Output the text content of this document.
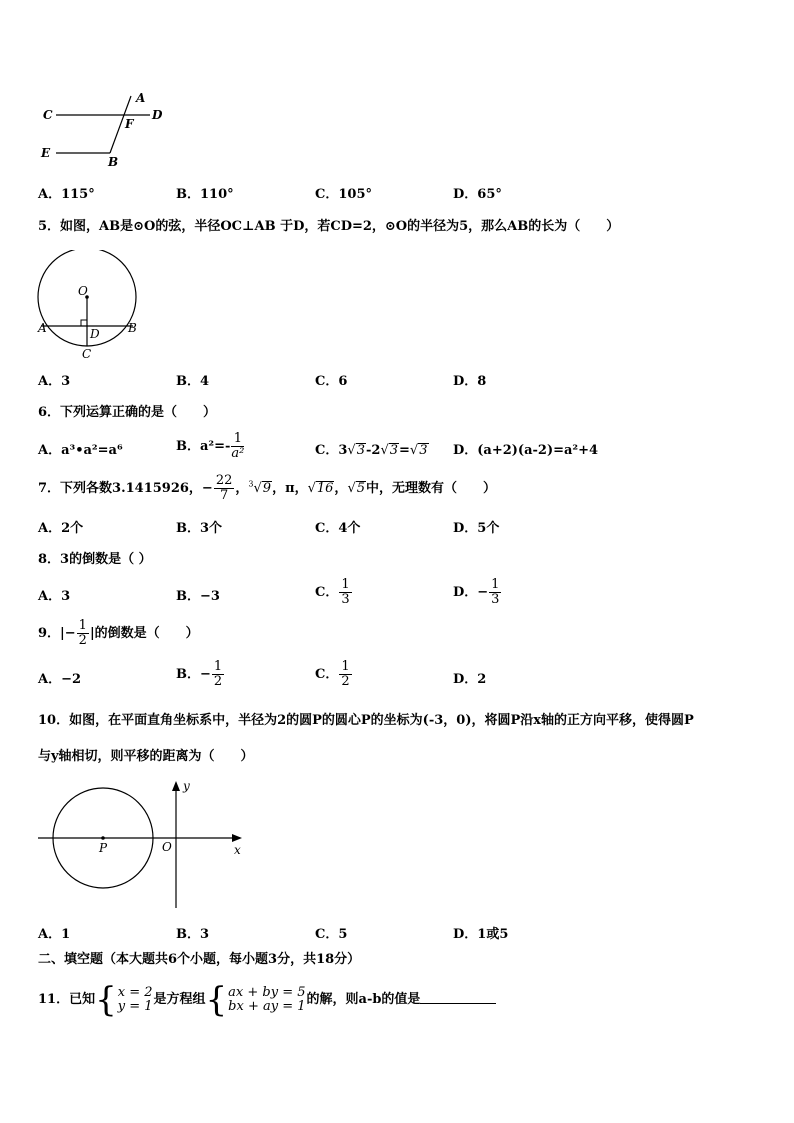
A
C	D
F
E
B
A．115°	B．110°	C．105°	D．65°
5．如图，AB是⊙O的弦，半径OC⊥AB 于D，若CD=2，⊙O的半径为5，那么AB的长为（　　）
O
A	D B
C
A．3	B．4	C．6	D．8
6．下列运算正确的是（　　）
A．a³•a²=a⁶	B．$a^2=- \frac{1}{\text{a²}}$	C．3√3-2√3=√3 D．(a+2)(a-2)=a²+4
7．下列各数3.1415926，− $\frac{22}{7}$ ，$^3$√9，π，√16，√5中，无理数有（　　）
A．2个	B．3个	C．4个	D．5个
8．3的倒数是（ ）
A．3	B．−3	C． $\frac{1}{3}$	D．− $\frac{1}{3}$
9．|− $\frac{1}{2}$ |的倒数是（　　）
A．−2	B．− $\frac{1}{2}$	C． $\frac{1}{2}$	D．2
10．如图，在平面直角坐标系中，半径为2的圆P的圆心P的坐标为(-3，0)，将圆P沿x轴的正方向平移，使得圆P
与y轴相切，则平移的距离为（　　）
y
P	O	x
A．1	B．3	C．5	D．1或5
二、填空题（本大题共6个小题，每小题3分，共18分）
11．已知{ x = 2
y = 1 是方程组{ ax + by = 5
bx + ay = 1 的解，则a-b的值是
